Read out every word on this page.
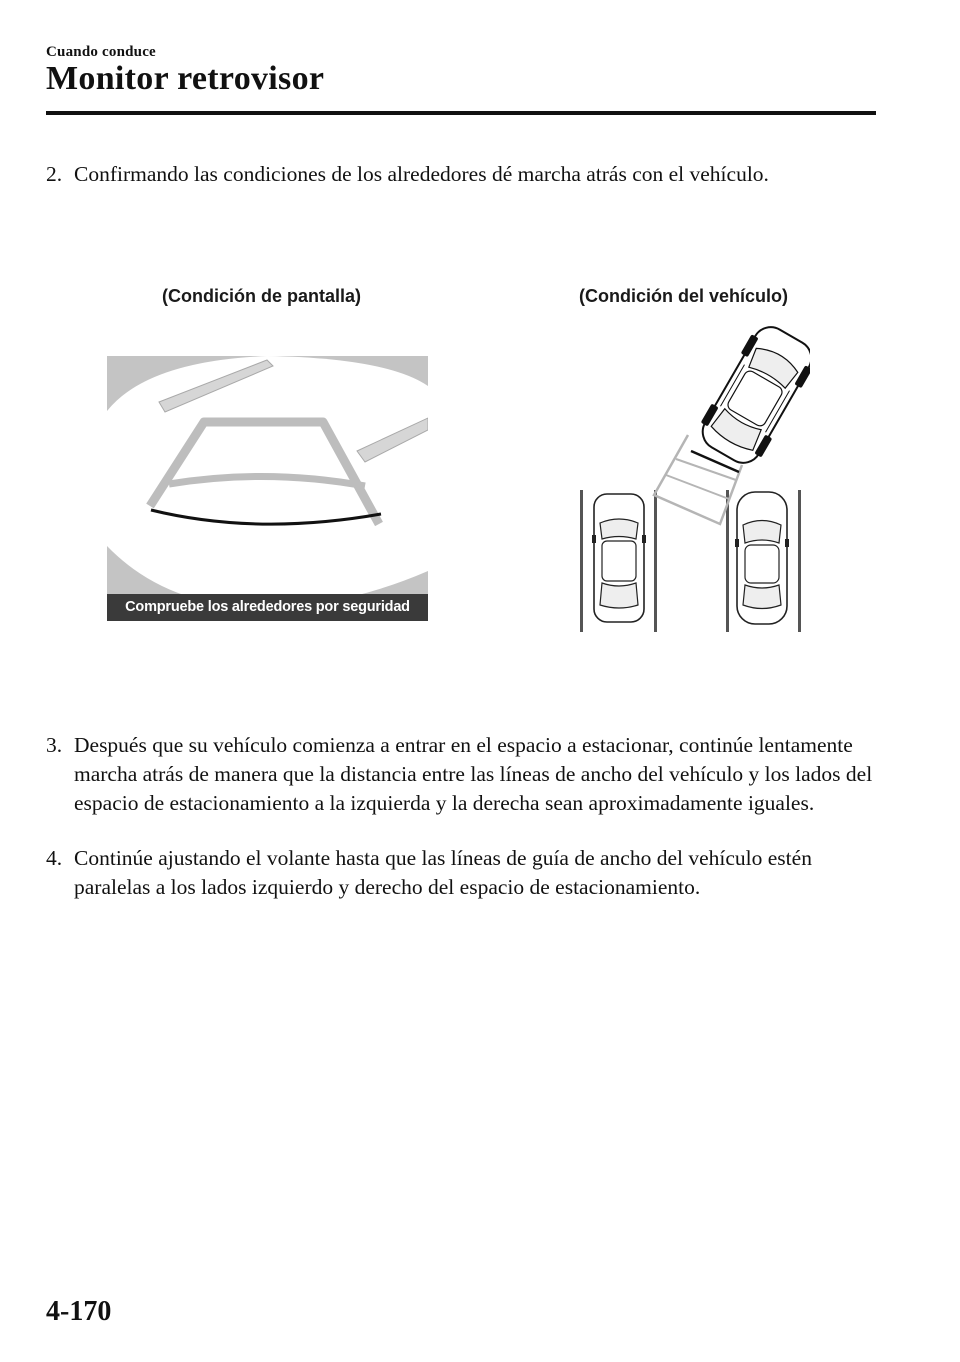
Cuando conduce
Monitor retrovisor
2. Confirmando las condiciones de los alrededores dé marcha atrás con el vehículo.
(Condición de pantalla)	(Condición del vehículo)
Compruebe los alrededores por seguridad
3. Después que su vehículo comienza a entrar en el espacio a estacionar, continúe lentamente marcha atrás de manera que la distancia entre las líneas de ancho del vehículo y los lados del espacio de estacionamiento a la izquierda y la derecha sean aproximadamente iguales.
4. Continúe ajustando el volante hasta que las líneas de guía de ancho del vehículo estén paralelas a los lados izquierdo y derecho del espacio de estacionamiento.
4-170
